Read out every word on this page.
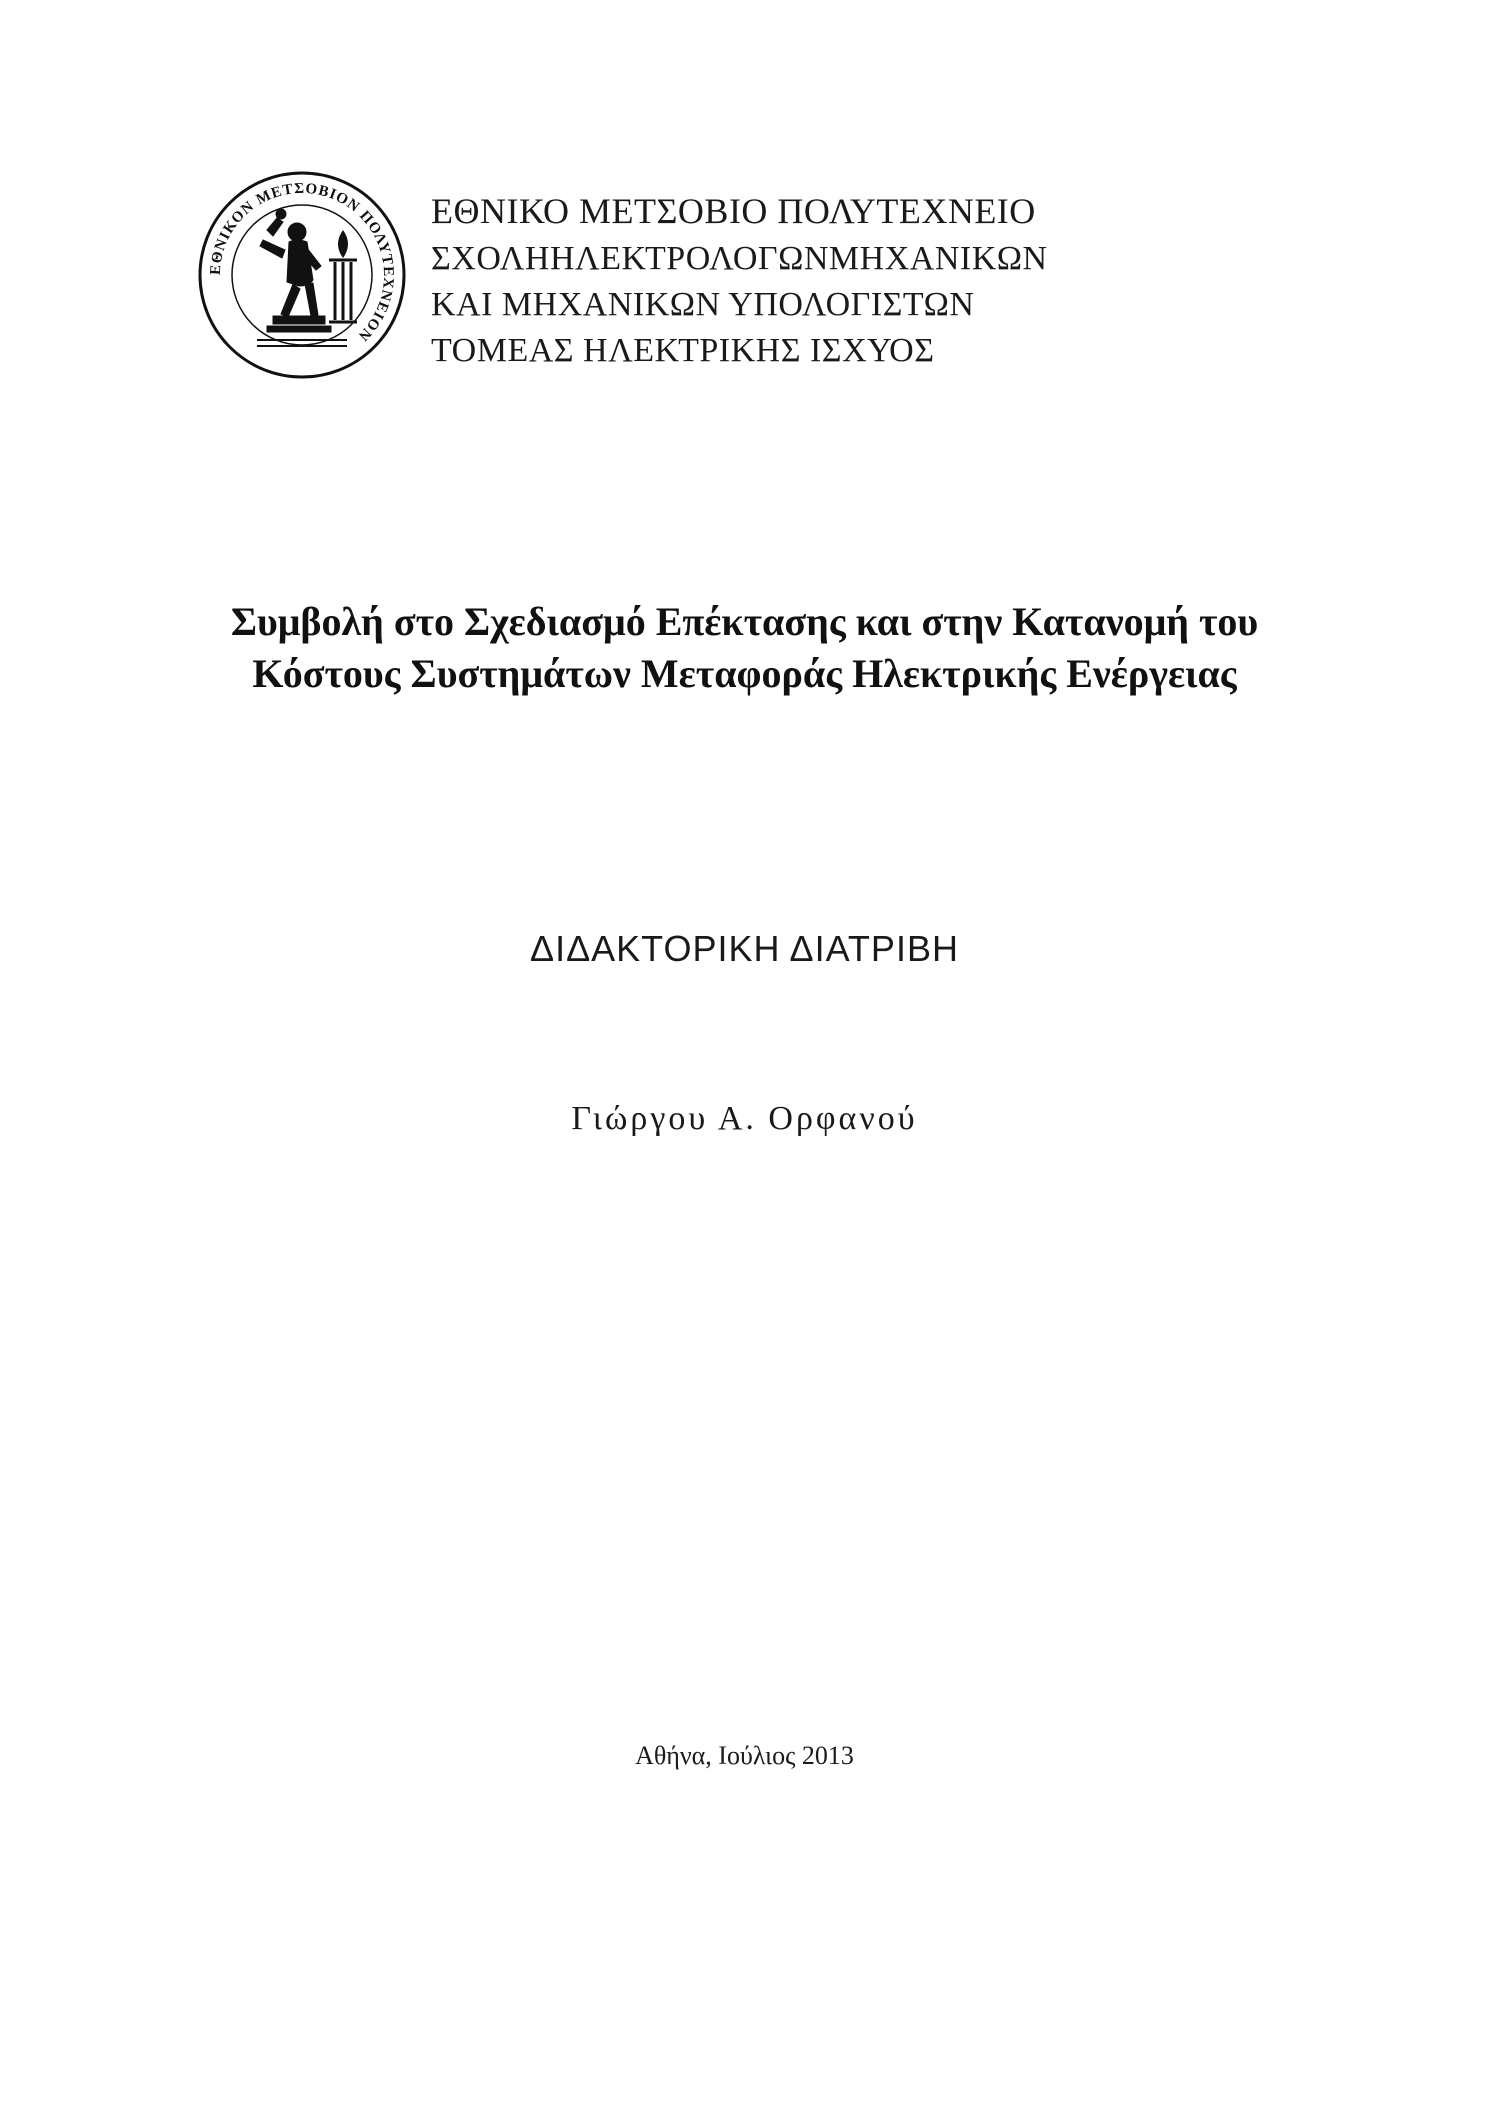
ΕΘΝΙΚΟΝ ΜΕΤΣΟΒΙΟΝ ΠΟΛΥΤΕΧΝΕΙΟΝ
ΕΘΝΙΚΟ ΜΕΤΣΟΒΙΟ ΠΟΛΥΤΕΧΝΕΙΟ
ΣΧΟΛΗ ΗΛΕΚΤΡΟΛΟΓΩΝ ΜΗΧΑΝΙΚΩΝ
ΚΑΙ ΜΗΧΑΝΙΚΩΝ ΥΠΟΛΟΓΙΣΤΩΝ
ΤΟΜΕΑΣ ΗΛΕΚΤΡΙΚΗΣ ΙΣΧΥΟΣ
Συμβολή στο Σχεδιασμό Επέκτασης και στην Κατανομή του
Κόστους Συστημάτων Μεταφοράς Ηλεκτρικής Ενέργειας
ΔΙΔΑΚΤΟΡΙΚΗ ΔΙΑΤΡΙΒΗ
Γιώργου Α. Ορφανού
Αθήνα, Ιούλιος 2013
